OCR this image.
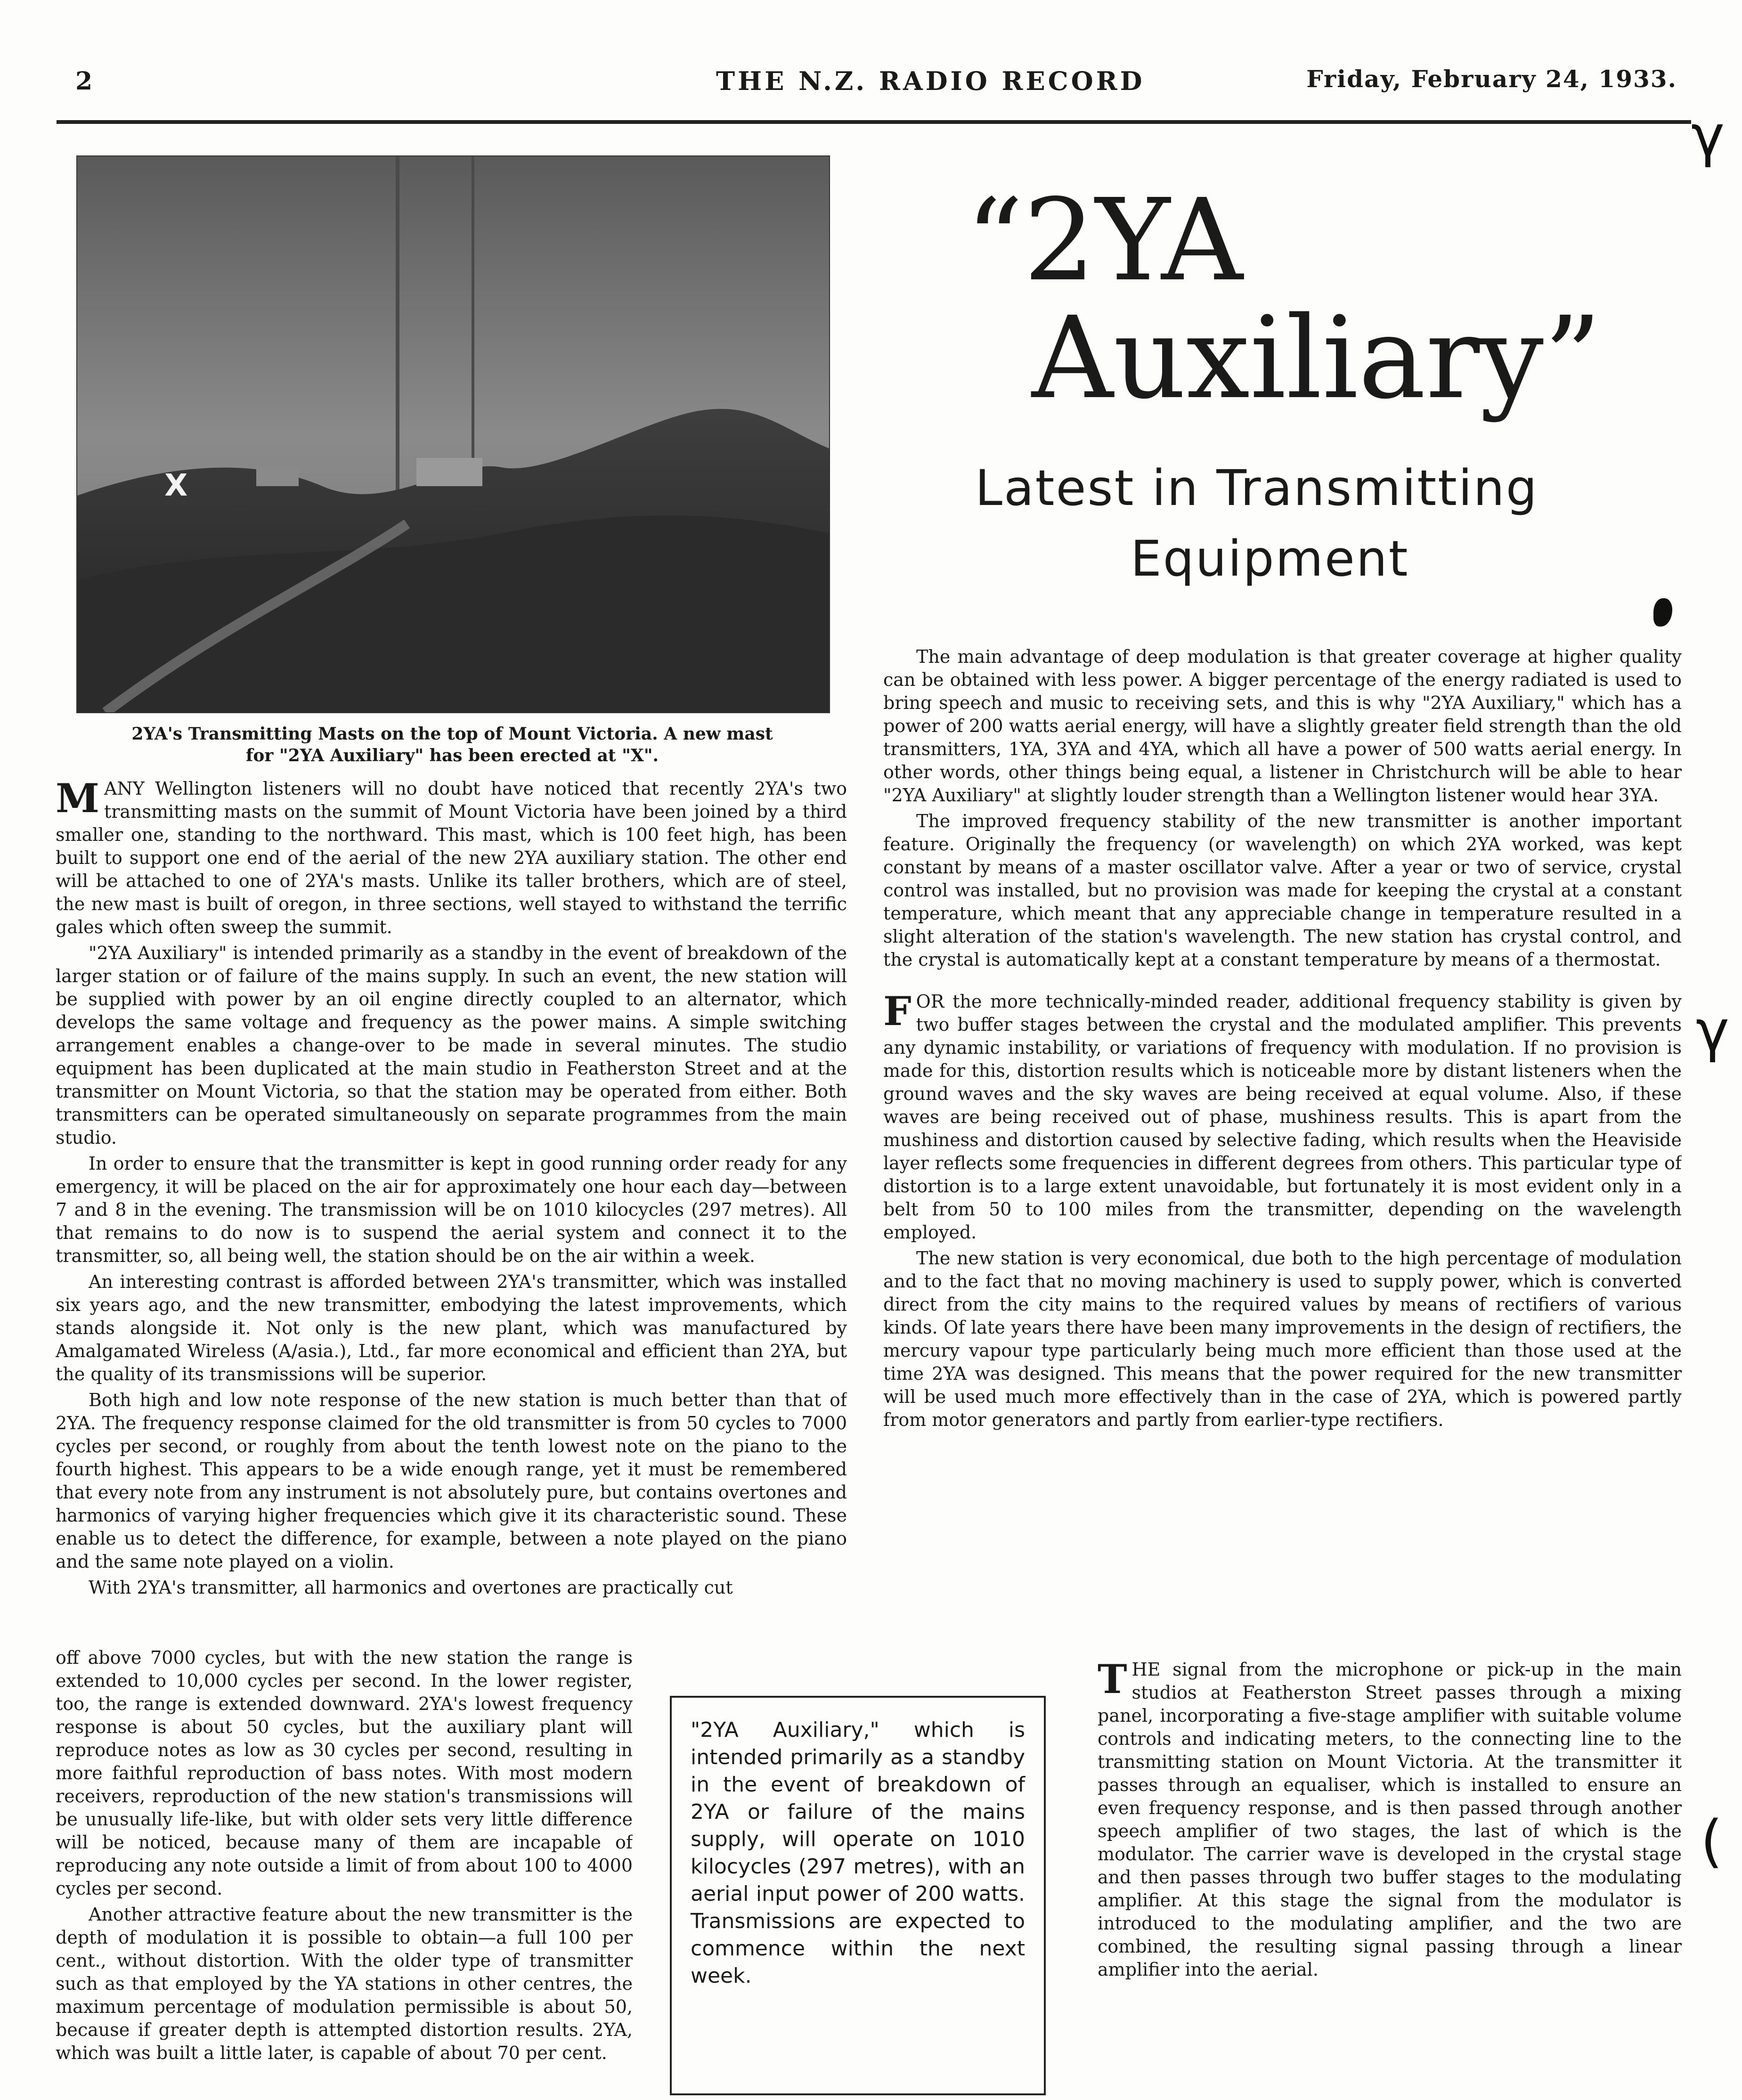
2	THE N.Z. RADIO RECORD	Friday, February 24, 1933.
X
2YA's Transmitting Masts on the top of Mount Victoria. A new mast
for "2YA Auxiliary" has been erected at "X".
“2YA
Auxiliary”
Latest in Transmitting
Equipment

MANY Wellington listeners will no doubt have noticed that recently 2YA's two transmitting masts on the summit of Mount Victoria have been joined by a third smaller one, standing to the northward. This mast, which is 100 feet high, has been built to support one end of the aerial of the new 2YA auxiliary station. The other end will be attached to one of 2YA's masts. Unlike its taller brothers, which are of steel, the new mast is built of oregon, in three sections, well stayed to withstand the terrific gales which often sweep the summit.

"2YA Auxiliary" is intended primarily as a standby in the event of breakdown of the larger station or of failure of the mains supply. In such an event, the new station will be supplied with power by an oil engine directly coupled to an alternator, which develops the same voltage and frequency as the power mains. A simple switching arrangement enables a change-over to be made in several minutes. The studio equipment has been duplicated at the main studio in Featherston Street and at the transmitter on Mount Victoria, so that the station may be operated from either. Both transmitters can be operated simultaneously on separate programmes from the main studio.

In order to ensure that the transmitter is kept in good running order ready for any emergency, it will be placed on the air for approximately one hour each day—between 7 and 8 in the evening. The transmission will be on 1010 kilocycles (297 metres). All that remains to do now is to suspend the aerial system and connect it to the transmitter, so, all being well, the station should be on the air within a week.

An interesting contrast is afforded between 2YA's transmitter, which was installed six years ago, and the new transmitter, embodying the latest improvements, which stands alongside it. Not only is the new plant, which was manufactured by Amalgamated Wireless (A/asia.), Ltd., far more economical and efficient than 2YA, but the quality of its transmissions will be superior.

Both high and low note response of the new station is much better than that of 2YA. The frequency response claimed for the old transmitter is from 50 cycles to 7000 cycles per second, or roughly from about the tenth lowest note on the piano to the fourth highest. This appears to be a wide enough range, yet it must be remembered that every note from any instrument is not absolutely pure, but contains overtones and harmonics of varying higher frequencies which give it its characteristic sound. These enable us to detect the difference, for example, between a note played on the piano and the same note played on a violin.

With 2YA's transmitter, all harmonics and overtones are practically cut

off above 7000 cycles, but with the new station the range is extended to 10,000 cycles per second. In the lower register, too, the range is extended downward. 2YA's lowest frequency response is about 50 cycles, but the auxiliary plant will reproduce notes as low as 30 cycles per second, resulting in more faithful reproduction of bass notes. With most modern receivers, reproduction of the new station's transmissions will be unusually life-like, but with older sets very little difference will be noticed, because many of them are incapable of reproducing any note outside a limit of from about 100 to 4000 cycles per second.

Another attractive feature about the new transmitter is the depth of modulation it is possible to obtain—a full 100 per cent., without distortion. With the older type of transmitter such as that employed by the YA stations in other centres, the maximum percentage of modulation permissible is about 50, because if greater depth is attempted distortion results. 2YA, which was built a little later, is capable of about 70 per cent.

The main advantage of deep modulation is that greater coverage at higher quality can be obtained with less power. A bigger percentage of the energy radiated is used to bring speech and music to receiving sets, and this is why "2YA Auxiliary," which has a power of 200 watts aerial energy, will have a slightly greater field strength than the old transmitters, 1YA, 3YA and 4YA, which all have a power of 500 watts aerial energy. In other words, other things being equal, a listener in Christchurch will be able to hear "2YA Auxiliary" at slightly louder strength than a Wellington listener would hear 3YA.

The improved frequency stability of the new transmitter is another important feature. Originally the frequency (or wavelength) on which 2YA worked, was kept constant by means of a master oscillator valve. After a year or two of service, crystal control was installed, but no provision was made for keeping the crystal at a constant temperature, which meant that any appreciable change in temperature resulted in a slight alteration of the station's wavelength. The new station has crystal control, and the crystal is automatically kept at a constant temperature by means of a thermostat.

FOR the more technically-minded reader, additional frequency stability is given by two buffer stages between the crystal and the modulated amplifier. This prevents any dynamic instability, or variations of frequency with modulation. If no provision is made for this, distortion results which is noticeable more by distant listeners when the ground waves and the sky waves are being received at equal volume. Also, if these waves are being received out of phase, mushiness results. This is apart from the mushiness and distortion caused by selective fading, which results when the Heaviside layer reflects some frequencies in different degrees from others. This particular type of distortion is to a large extent unavoidable, but fortunately it is most evident only in a belt from 50 to 100 miles from the transmitter, depending on the wavelength employed.

The new station is very economical, due both to the high percentage of modulation and to the fact that no moving machinery is used to supply power, which is converted direct from the city mains to the required values by means of rectifiers of various kinds. Of late years there have been many improvements in the design of rectifiers, the mercury vapour type particularly being much more efficient than those used at the time 2YA was designed. This means that the power required for the new transmitter will be used much more effectively than in the case of 2YA, which is powered partly from motor generators and partly from earlier-type rectifiers.

THE signal from the microphone or pick-up in the main studios at Featherston Street passes through a mixing panel, incorporating a five-stage amplifier with suitable volume controls and indicating meters, to the connecting line to the transmitting station on Mount Victoria. At the transmitter it passes through an equaliser, which is installed to ensure an even frequency response, and is then passed through another speech amplifier of two stages, the last of which is the modulator. The carrier wave is developed in the crystal stage and then passes through two buffer stages to the modulating amplifier. At this stage the signal from the modulator is introduced to the modulating amplifier, and the two are combined, the resulting signal passing through a linear amplifier into the aerial.

"2YA Auxiliary," which is intended primarily as a standby in the event of breakdown of 2YA or failure of the mains supply, will operate on 1010 kilocycles (297 metres), with an aerial input power of 200 watts. Transmissions are expected to commence within the next week.
γ
γ
(
